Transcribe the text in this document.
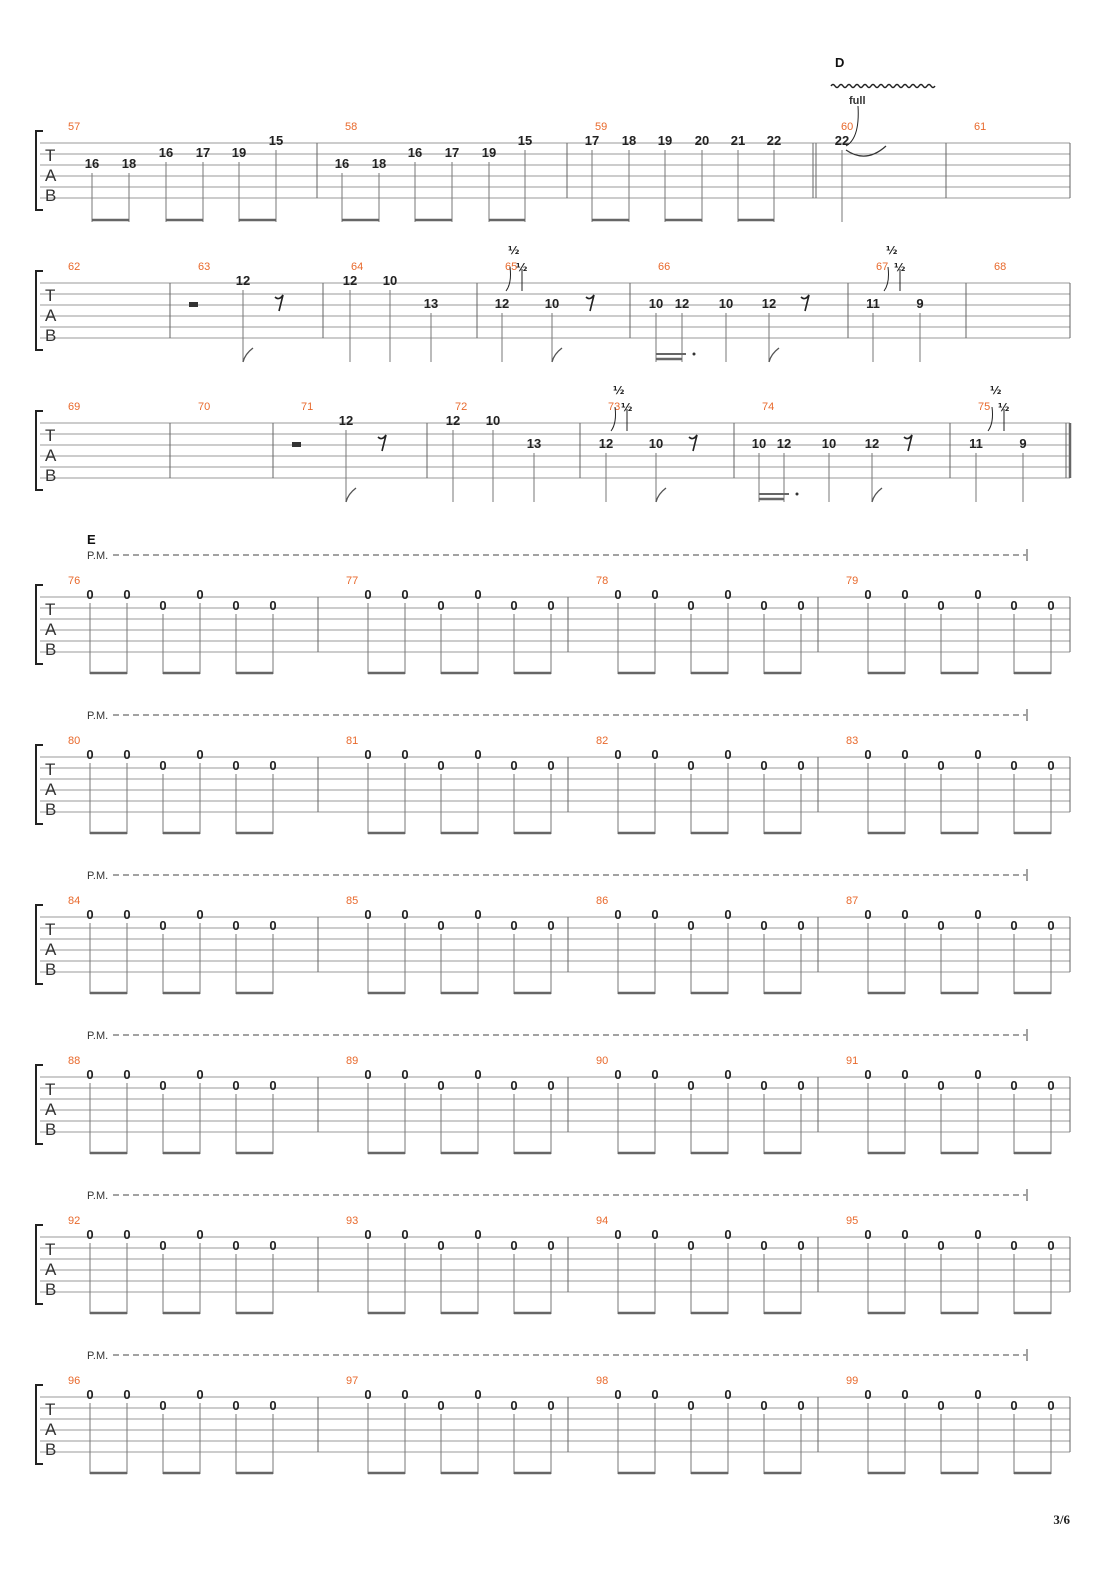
T
A
B
57	58	59	60	61
16 18
16 17 19
15
16 18
16 17 19
15	17 18 19 20 21 22	22
T
A
B
62	63	64	65	66	67	68
12	12 10
13	12	10	10 12 10 12	11	9
T
A
B
69	70	71	72	73	74	75
12	12 10
13	12	10	10 12 10 12	11	9
T
A
B
76	77	78	79
P.M.
0 0
0
0
0 0
0 0
0
0
0 0
0 0
0
0
0 0
0 0
0
0
0 0
T
A
B
80	81	82	83
P.M.
0 0
0
0
0 0
0 0
0
0
0 0
0 0
0
0
0 0
0 0
0
0
0 0
T
A
B
84	85	86	87
P.M.
0 0
0
0
0 0
0 0
0
0
0 0
0 0
0
0
0 0
0 0
0
0
0 0
T
A
B
88	89	90	91
P.M.
0 0
0
0
0 0
0 0
0
0
0 0
0 0
0
0
0 0
0 0
0
0
0 0
T
A
B
92	93	94	95
P.M.
0 0
0
0
0 0
0 0
0
0
0 0
0 0
0
0
0 0
0 0
0
0
0 0
T
A
B
96	97	98	99
P.M.
0 0
0
0
0 0
0 0
0
0
0 0
0 0
0
0
0 0
0 0
0
0
0 0
D
full
½
½
½
½
½
½
½
½
E
3/6
